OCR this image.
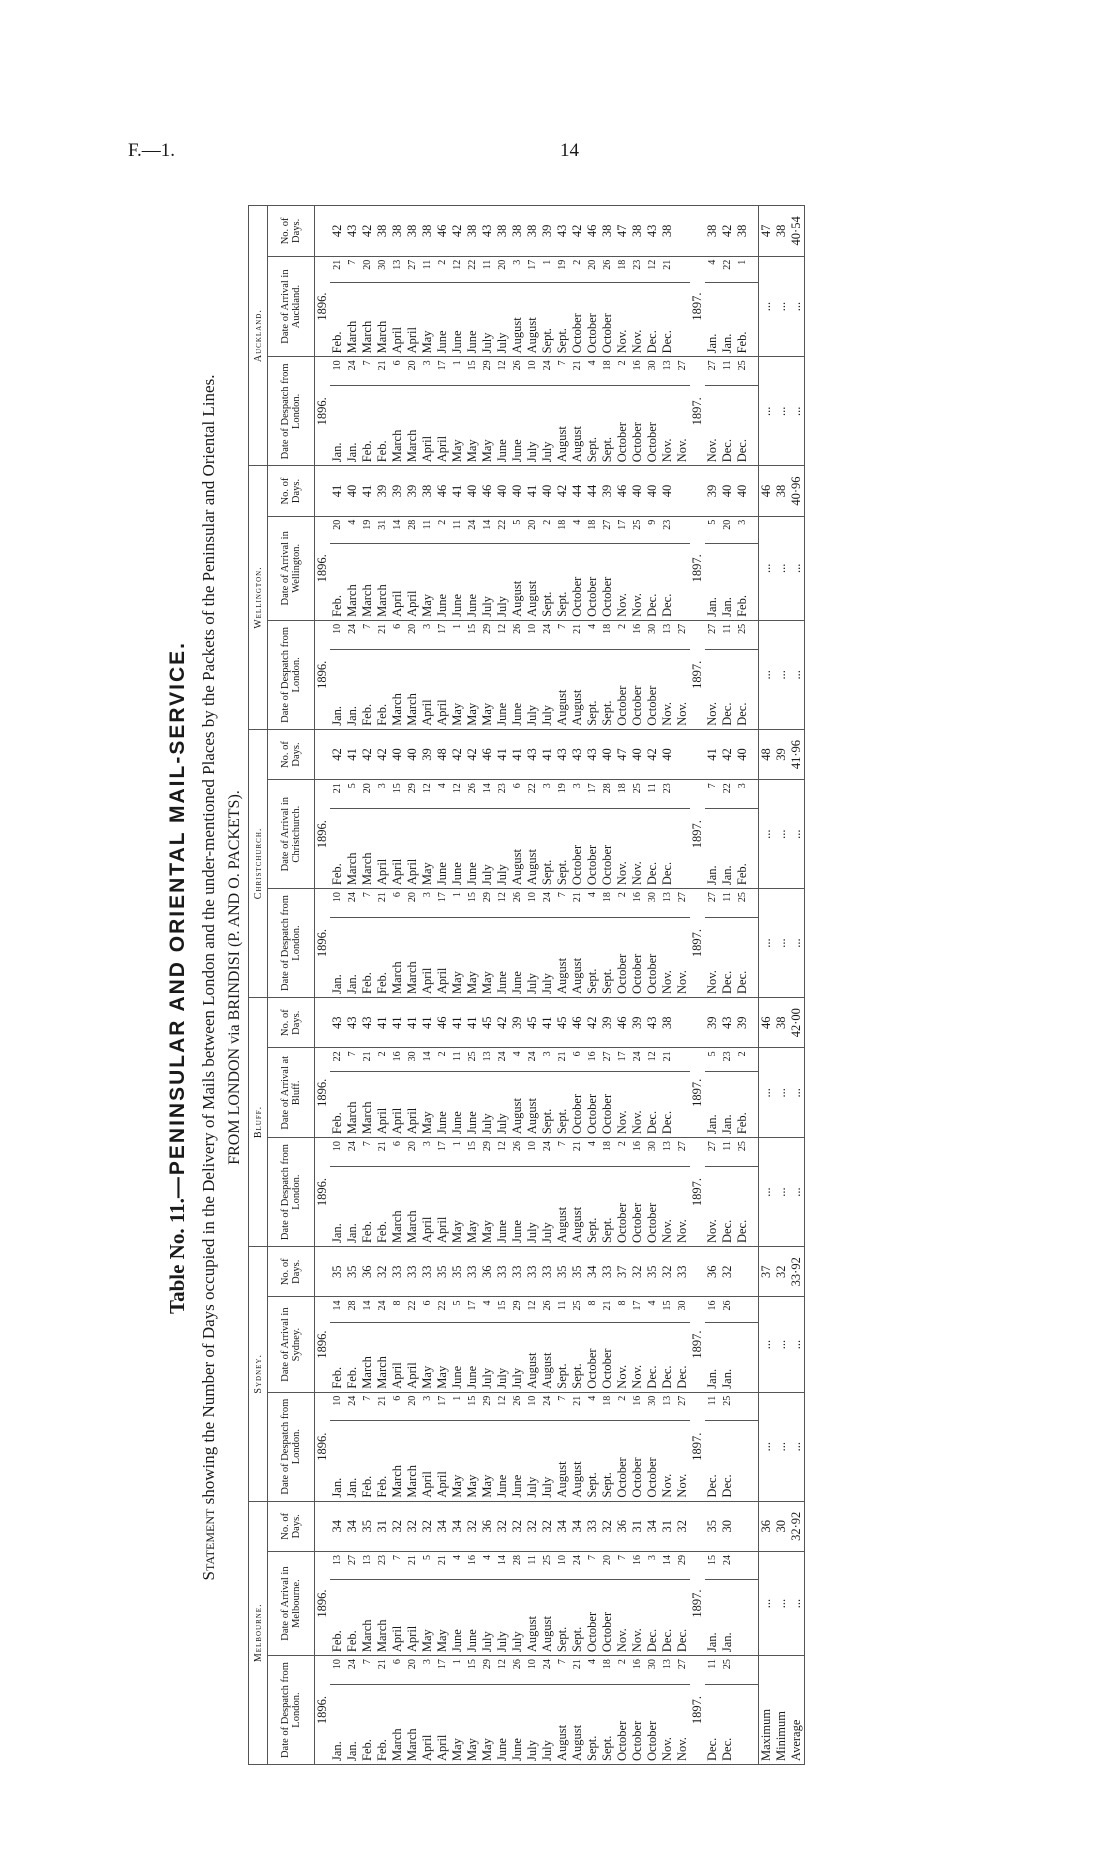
F.—1.	14
Table No. 11.—PENINSULAR AND ORIENTAL MAIL-SERVICE.
Statement showing the Number of Days occupied in the Delivery of Mails between London and the under-mentioned Places by the Packets of the Peninsular and Oriental Lines. FROM LONDON via BRINDISI (P. AND O. PACKETS).
Melbourne.					Sydney.					Bluff.					Christchurch.					Wellington.					Auckland.				
Date of Despatch from London.		Date of Arrival in Melbourne.		No. of Days.	Date of Despatch from London.		Date of Arrival in Sydney.		No. of Days.	Date of Despatch from London.		Date of Arrival at Bluff.		No. of Days.	Date of Despatch from London.		Date of Arrival in Christchurch.		No. of Days.	Date of Despatch from London.		Date of Arrival in Wellington.		No. of Days.	Date of Despatch from London.		Date of Arrival in Auckland.		No. of Days.
1896.		1896.			1896.		1896.			1896.		1896.			1896.		1896.			1896.		1896.			1896.		1896.		
Jan.	10	Feb.	13	34	Jan.	10	Feb.	14	35	Jan.	10	Feb.	22	43	Jan.	10	Feb.	21	42	Jan.	10	Feb.	20	41	Jan.	10	Feb.	21	42
Jan.	24	Feb.	27	34	Jan.	24	Feb.	28	35	Jan.	24	March	7	43	Jan.	24	March	5	41	Jan.	24	March	4	40	Jan.	24	March	7	43
Feb.	7	March	13	35	Feb.	7	March	14	36	Feb.	7	March	21	43	Feb.	7	March	20	42	Feb.	7	March	19	41	Feb.	7	March	20	42
Feb.	21	March	23	31	Feb.	21	March	24	32	Feb.	21	April	2	41	Feb.	21	April	3	42	Feb.	21	March	31	39	Feb.	21	March	30	38
March	6	April	7	32	March	6	April	8	33	March	6	April	16	41	March	6	April	15	40	March	6	April	14	39	March	6	April	13	38
March	20	April	21	32	March	20	April	22	33	March	20	April	30	41	March	20	April	29	40	March	20	April	28	39	March	20	April	27	38
April	3	May	5	32	April	3	May	6	33	April	3	May	14	41	April	3	May	12	39	April	3	May	11	38	April	3	May	11	38
April	17	May	21	34	April	17	May	22	35	April	17	June	2	46	April	17	June	4	48	April	17	June	2	46	April	17	June	2	46
May	1	June	4	34	May	1	June	5	35	May	1	June	11	41	May	1	June	12	42	May	1	June	11	41	May	1	June	12	42
May	15	June	16	32	May	15	June	17	33	May	15	June	25	41	May	15	June	26	42	May	15	June	24	40	May	15	June	22	38
May	29	July	4	36	May	29	July	4	36	May	29	July	13	45	May	29	July	14	46	May	29	July	14	46	May	29	July	11	43
June	12	July	14	32	June	12	July	15	33	June	12	July	24	42	June	12	July	23	41	June	12	July	22	40	June	12	July	20	38
June	26	July	28	32	June	26	July	29	33	June	26	August	4	39	June	26	August	6	41	June	26	August	5	40	June	26	August	3	38
July	10	August	11	32	July	10	August	12	33	July	10	August	24	45	July	10	August	22	43	July	10	August	20	41	July	10	August	17	38
July	24	August	25	32	July	24	August	26	33	July	24	Sept.	3	41	July	24	Sept.	3	41	July	24	Sept.	2	40	July	24	Sept.	1	39
August	7	Sept.	10	34	August	7	Sept.	11	35	August	7	Sept.	21	45	August	7	Sept.	19	43	August	7	Sept.	18	42	August	7	Sept.	19	43
August	21	Sept.	24	34	August	21	Sept.	25	35	August	21	October	6	46	August	21	October	3	43	August	21	October	4	44	August	21	October	2	42
Sept.	4	October	7	33	Sept.	4	October	8	34	Sept.	4	October	16	42	Sept.	4	October	17	43	Sept.	4	October	18	44	Sept.	4	October	20	46
Sept.	18	October	20	32	Sept.	18	October	21	33	Sept.	18	October	27	39	Sept.	18	October	28	40	Sept.	18	October	27	39	Sept.	18	October	26	38
October	2	Nov.	7	36	October	2	Nov.	8	37	October	2	Nov.	17	46	October	2	Nov.	18	47	October	2	Nov.	17	46	October	2	Nov.	18	47
October	16	Nov.	16	31	October	16	Nov.	17	32	October	16	Nov.	24	39	October	16	Nov.	25	40	October	16	Nov.	25	40	October	16	Nov.	23	38
October	30	Dec.	3	34	October	30	Dec.	4	35	October	30	Dec.	12	43	October	30	Dec.	11	42	October	30	Dec.	9	40	October	30	Dec.	12	43
Nov.	13	Dec.	14	31	Nov.	13	Dec.	15	32	Nov.	13	Dec.	21	38	Nov.	13	Dec.	23	40	Nov.	13	Dec.	23	40	Nov.	13	Dec.	21	38
Nov.	27	Dec.	29	32	Nov.	27	Dec.	30	33	Nov.	27				Nov.	27				Nov.	27				Nov.	27			
1897.		1897.			1897.		1897.			1897.		1897.			1897.		1897.			1897.		1897.			1897.		1897.		
Dec.	11	Jan.	15	35	Dec.	11	Jan.	16	36	Nov.	27	Jan.	5	39	Nov.	27	Jan.	7	41	Nov.	27	Jan.	5	39	Nov.	27	Jan.	4	38
Dec.	25	Jan.	24	30	Dec.	25	Jan.	26	32	Dec.	11	Jan.	23	43	Dec.	11	Jan.	22	42	Dec.	11	Jan.	20	40	Dec.	11	Jan.	22	42
										Dec.	25	Feb.	2	39	Dec.	25	Feb.	3	40	Dec.	25	Feb.	3	40	Dec.	25	Feb.	1	38

Maximum		...		36	...		...		37	...		...		46	...		...		48	...		...		46	...		...		47
Minimum		...		30	...		...		32	...		...		38	...		...		39	...		...		38	...		...		38
Average		...		32·92	...		...		33·92	...		...		42·00	...		...		41·96	...		...		40·96	...		...		40·54
